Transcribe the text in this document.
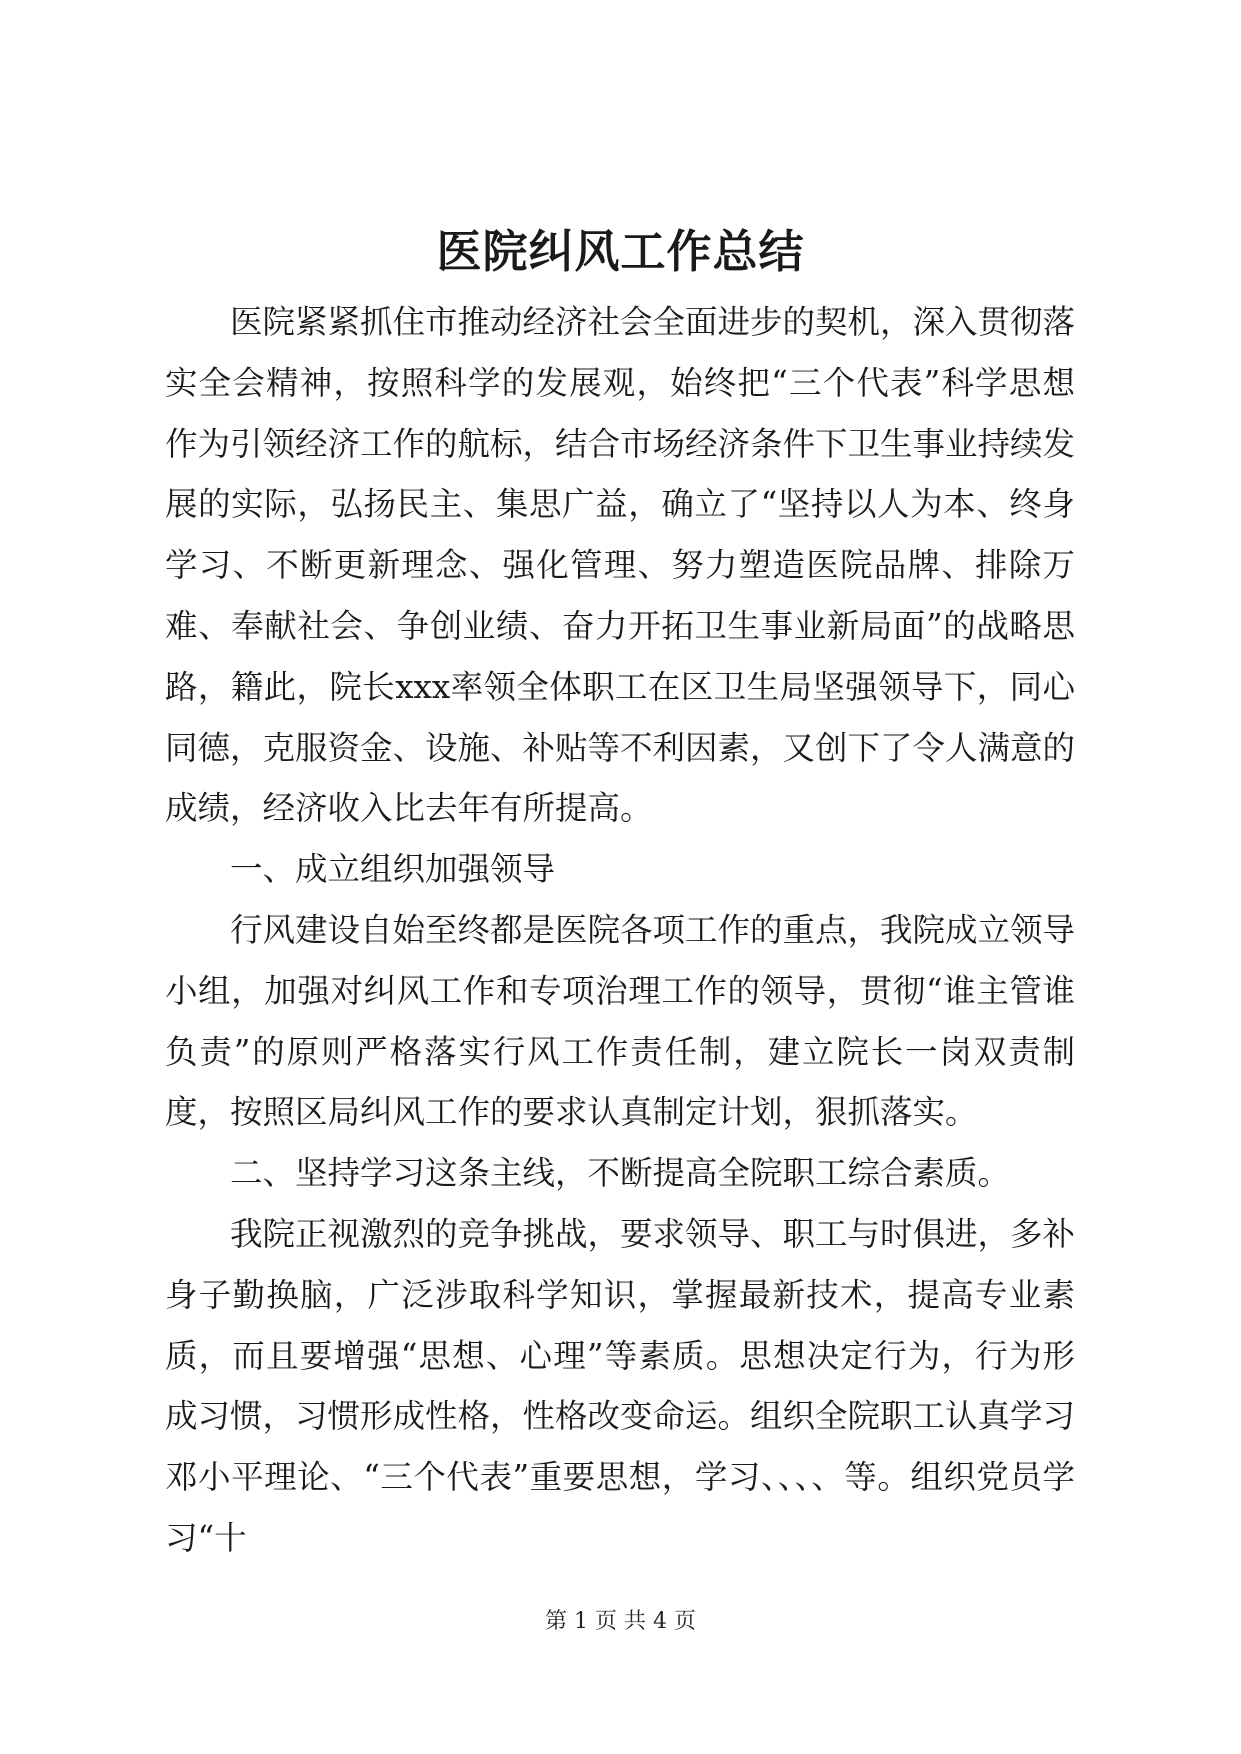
医院纠风工作总结

医院紧紧抓住市推动经济社会全面进步的契机，深入贯彻落实全会精神，按照科学的发展观，始终把“三个代表”科学思想作为引领经济工作的航标，结合市场经济条件下卫生事业持续发展的实际，弘扬民主、集思广益，确立了“坚持以人为本、终身学习、不断更新理念、强化管理、努力塑造医院品牌、排除万难、奉献社会、争创业绩、奋力开拓卫生事业新局面”的战略思路，籍此，院长xxx率领全体职工在区卫生局坚强领导下，同心同德，克服资金、设施、补贴等不利因素，又创下了令人满意的成绩，经济收入比去年有所提高。

一、成立组织加强领导

行风建设自始至终都是医院各项工作的重点，我院成立领导小组，加强对纠风工作和专项治理工作的领导，贯彻“谁主管谁负责”的原则严格落实行风工作责任制，建立院长一岗双责制度，按照区局纠风工作的要求认真制定计划，狠抓落实。

二、坚持学习这条主线，不断提高全院职工综合素质。

我院正视激烈的竞争挑战，要求领导、职工与时俱进，多补身子勤换脑，广泛涉取科学知识，掌握最新技术，提高专业素质，而且要增强“思想、心理”等素质。思想决定行为，行为形成习惯，习惯形成性格，性格改变命运。组织全院职工认真学习邓小平理论、“三个代表”重要思想，学习、、、、等。组织党员学习“十

第 1 页 共 4 页
